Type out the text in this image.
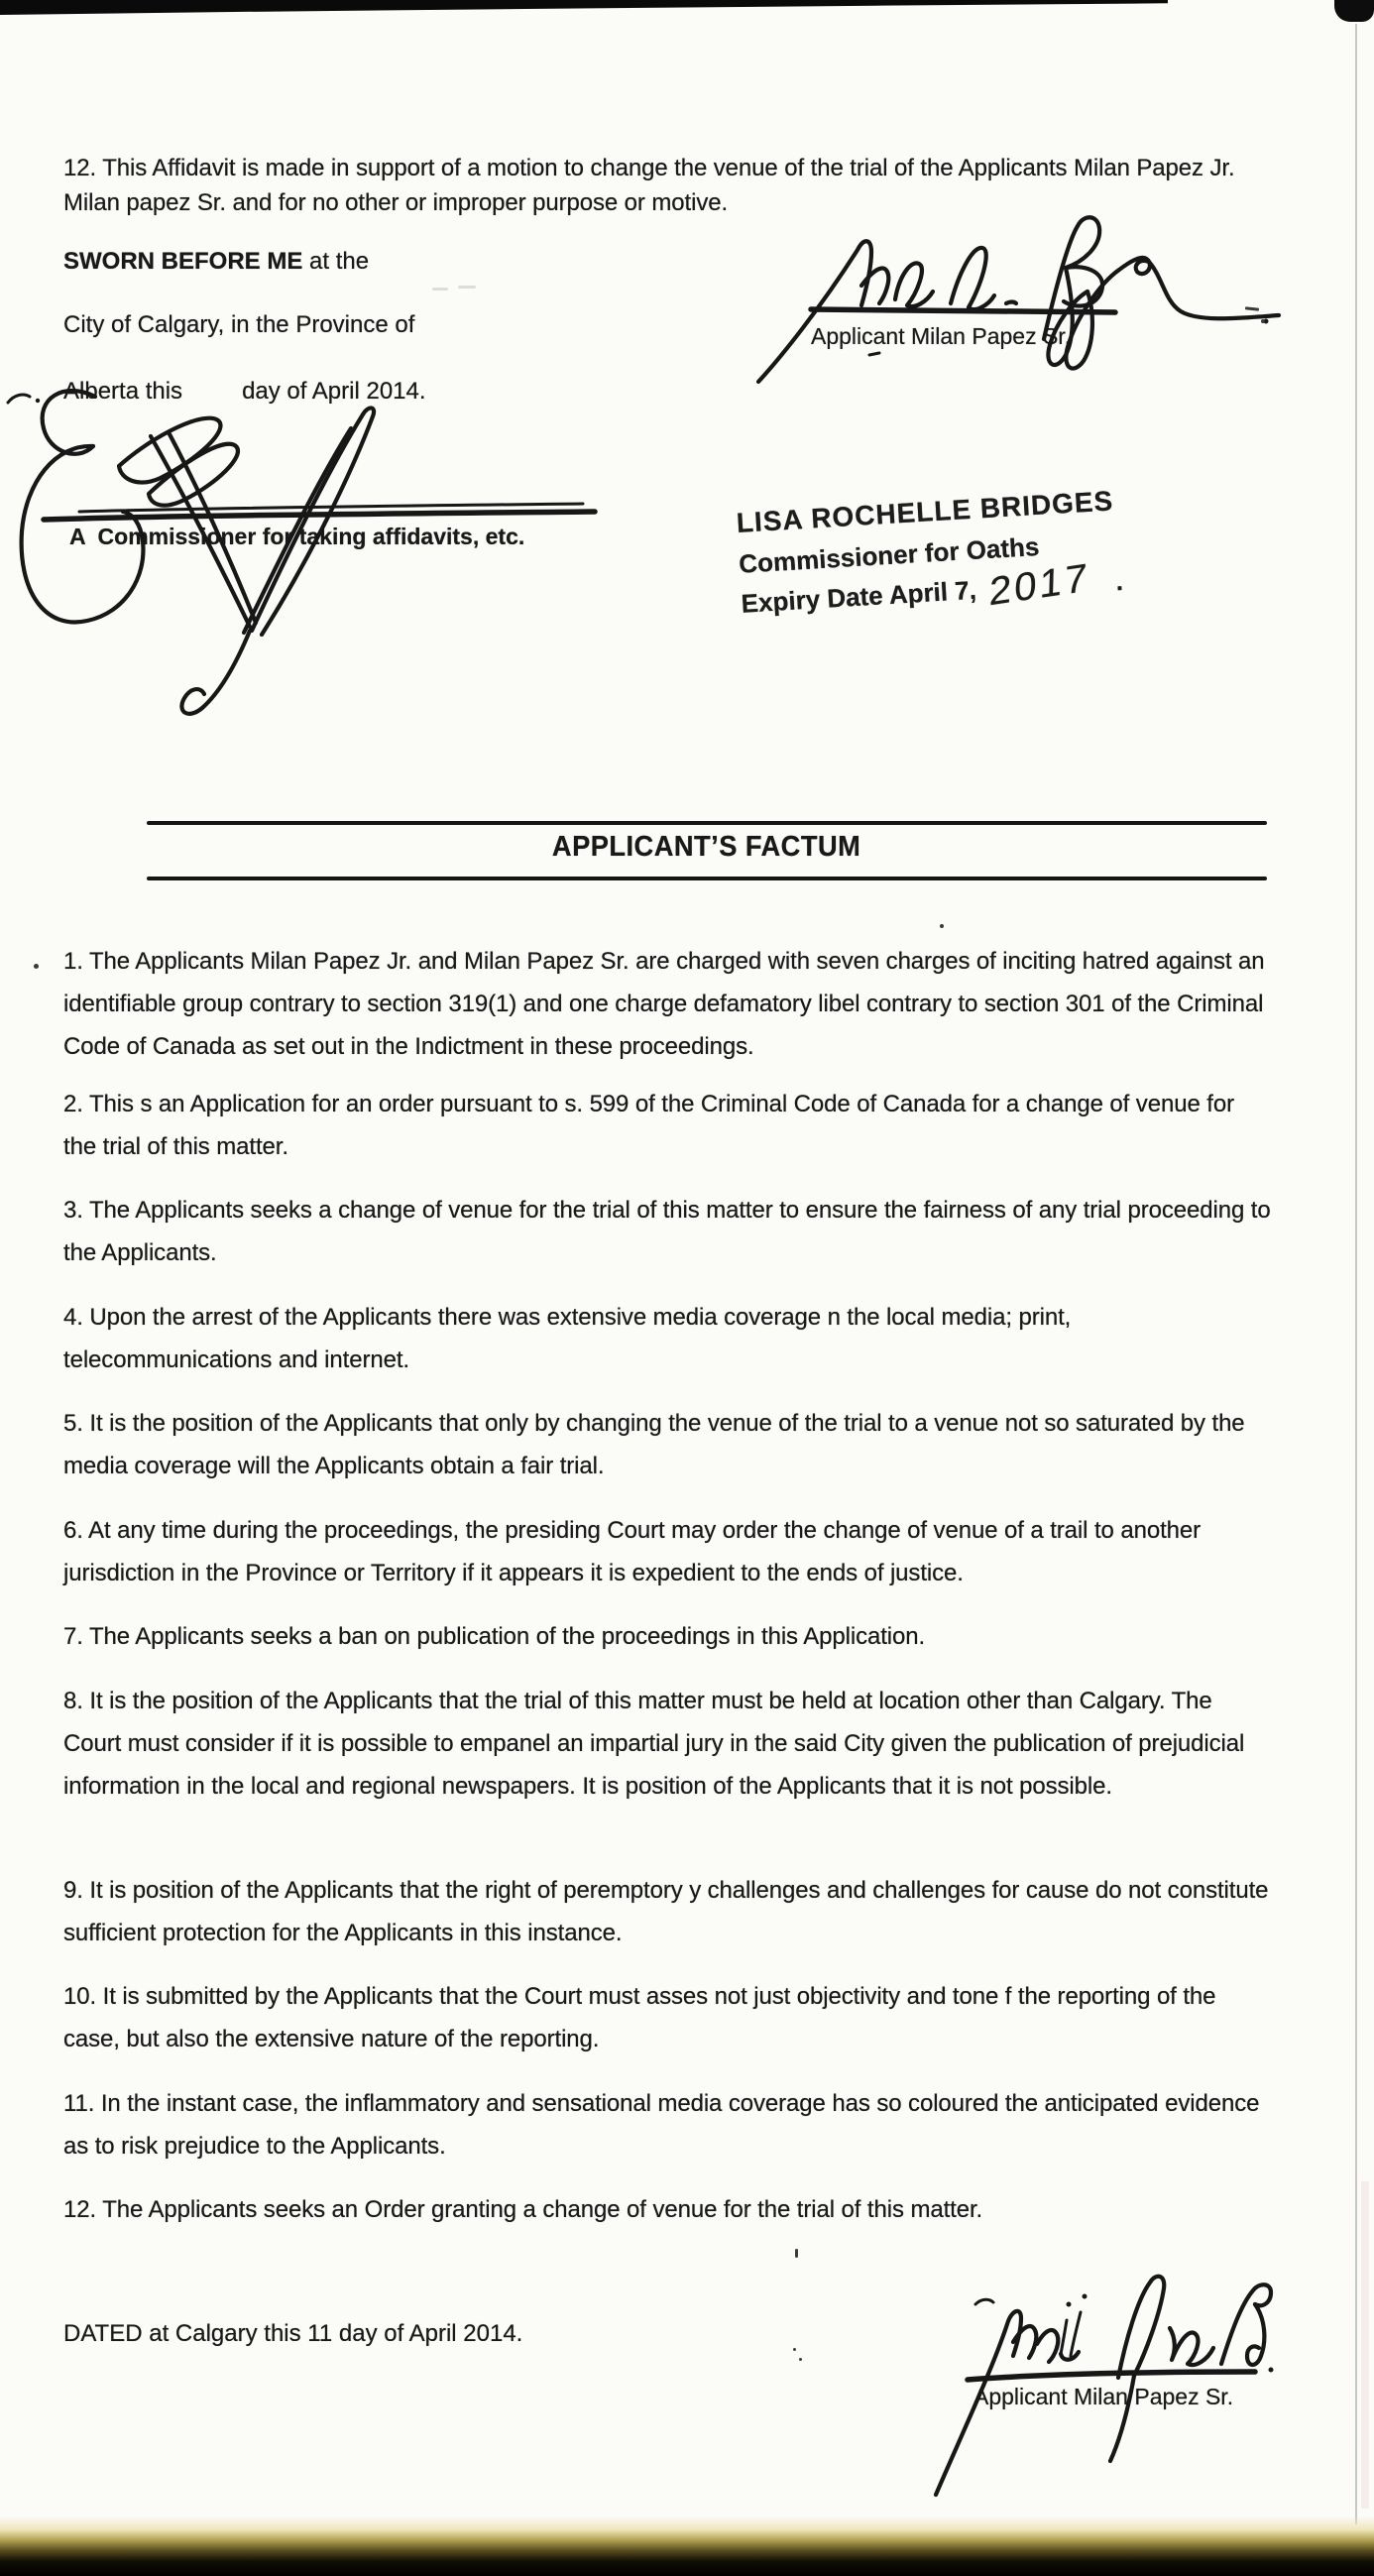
12. This Affidavit is made in support of a motion to change the venue of the trial of the Applicants Milan Papez Jr. Milan papez Sr. and for no other or improper purpose or motive.
SWORN BEFORE ME at the
City of Calgary, in the Province of
Alberta this	day of April 2014.
Applicant Milan Papez Sr.
A  Commissioner for taking affidavits, etc.	LISA ROCHELLE BRIDGES
Commissioner for Oaths
Expiry Date April 7, 2017 .
APPLICANT’S FACTUM
1. The Applicants Milan Papez Jr. and Milan Papez Sr. are charged with seven charges of inciting hatred against an identifiable group contrary to section 319(1) and one charge defamatory libel contrary to section 301 of the Criminal Code of Canada as set out in the Indictment in these proceedings.
2. This s an Application for an order pursuant to s. 599 of the Criminal Code of Canada for a change of venue for the trial of this matter.
3. The Applicants seeks a change of venue for the trial of this matter to ensure the fairness of any trial proceeding to the Applicants.
4. Upon the arrest of the Applicants there was extensive media coverage n the local media; print, telecommunications and internet.
5. It is the position of the Applicants that only by changing the venue of the trial to a venue not so saturated by the media coverage will the Applicants obtain a fair trial.
6. At any time during the proceedings, the presiding Court may order the change of venue of a trail to another jurisdiction in the Province or Territory if it appears it is expedient to the ends of justice.
7. The Applicants seeks a ban on publication of the proceedings in this Application.
8. It is the position of the Applicants that the trial of this matter must be held at location other than Calgary. The Court must consider if it is possible to empanel an impartial jury in the said City given the publication of prejudicial information in the local and regional newspapers. It is position of the Applicants that it is not possible.
9. It is position of the Applicants that the right of peremptory y challenges and challenges for cause do not constitute sufficient protection for the Applicants in this instance.
10. It is submitted by the Applicants that the Court must asses not just objectivity and tone f the reporting of the case, but also the extensive nature of the reporting.
11. In the instant case, the inflammatory and sensational media coverage has so coloured the anticipated evidence as to risk prejudice to the Applicants.
12. The Applicants seeks an Order granting a change of venue for the trial of this matter.
DATED at Calgary this 11 day of April 2014.
Applicant Milan Papez Sr.
